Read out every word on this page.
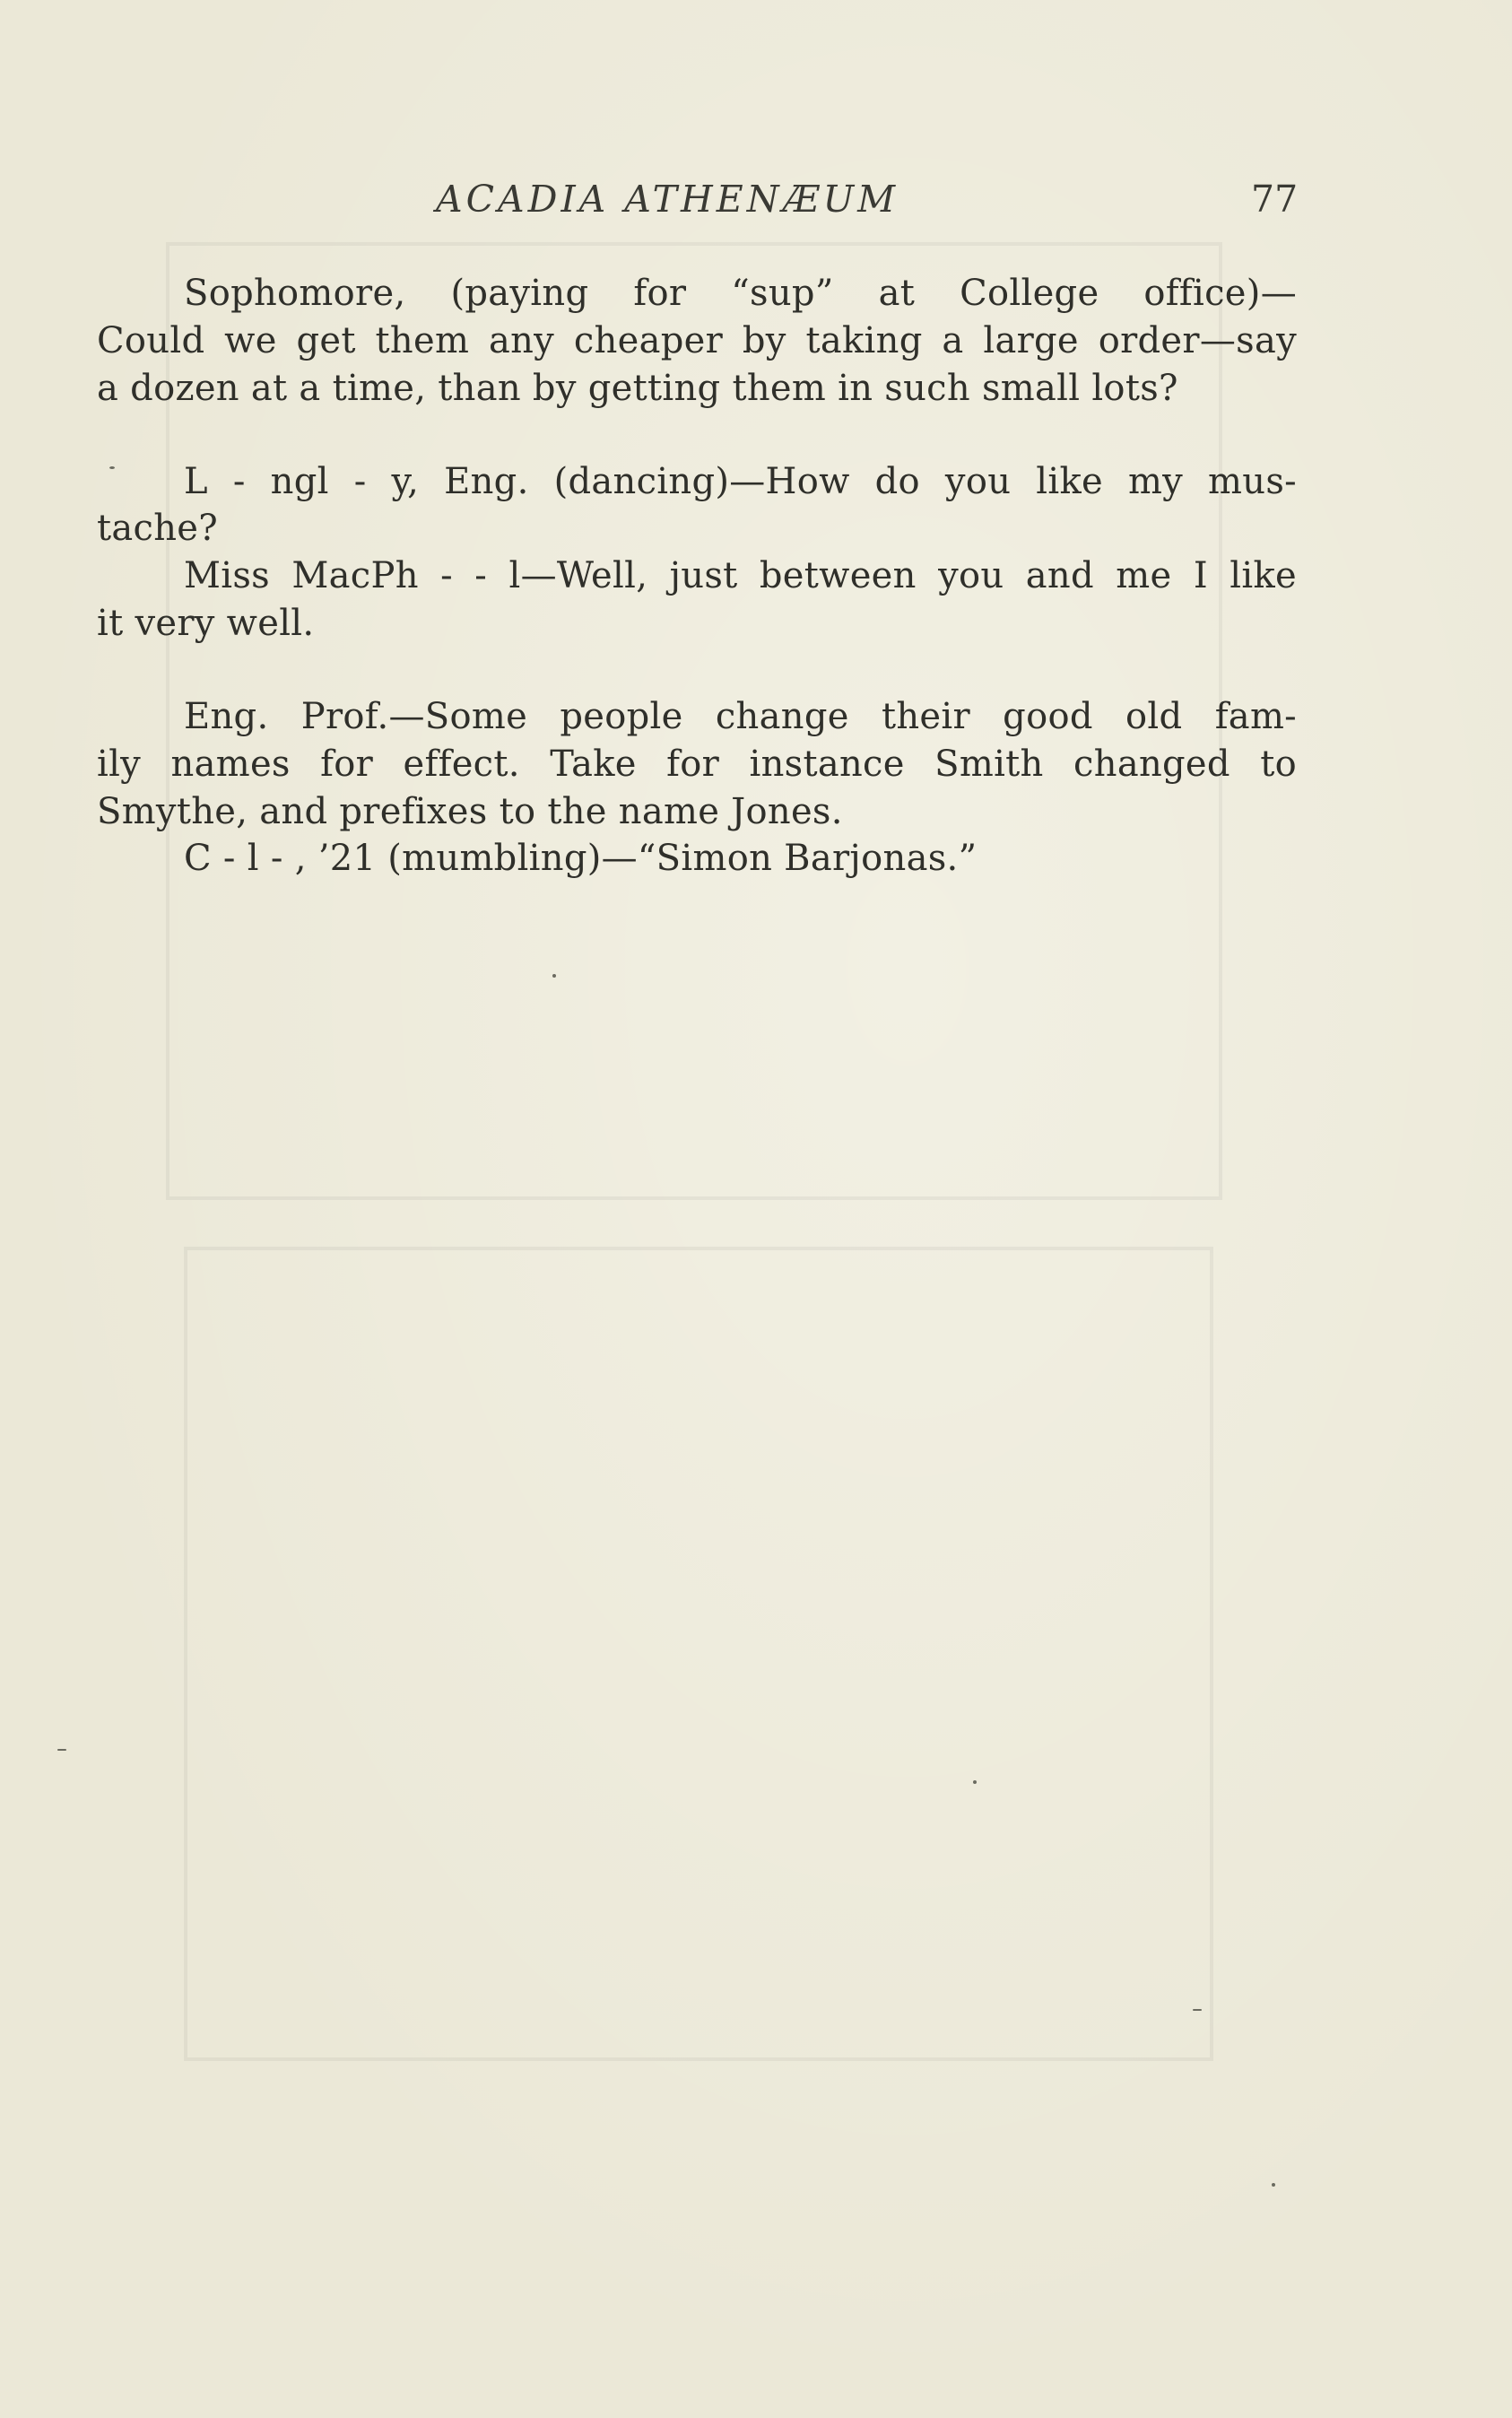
ACADIA ATHENÆUM	77
Sophomore, (paying for “sup” at College office)—
Could we get them any cheaper by taking a large order—say
a dozen at a time, than by getting them in such small lots?
L - ngl - y, Eng. (dancing)—How do you like my mus-
tache?
Miss MacPh - - l—Well, just between you and me I like
it very well.
Eng. Prof.—Some people change their good old fam-
ily names for effect. Take for instance Smith changed to
Smythe, and prefixes to the name Jones.
C - l - , ’21 (mumbling)—“Simon Barjonas.”
